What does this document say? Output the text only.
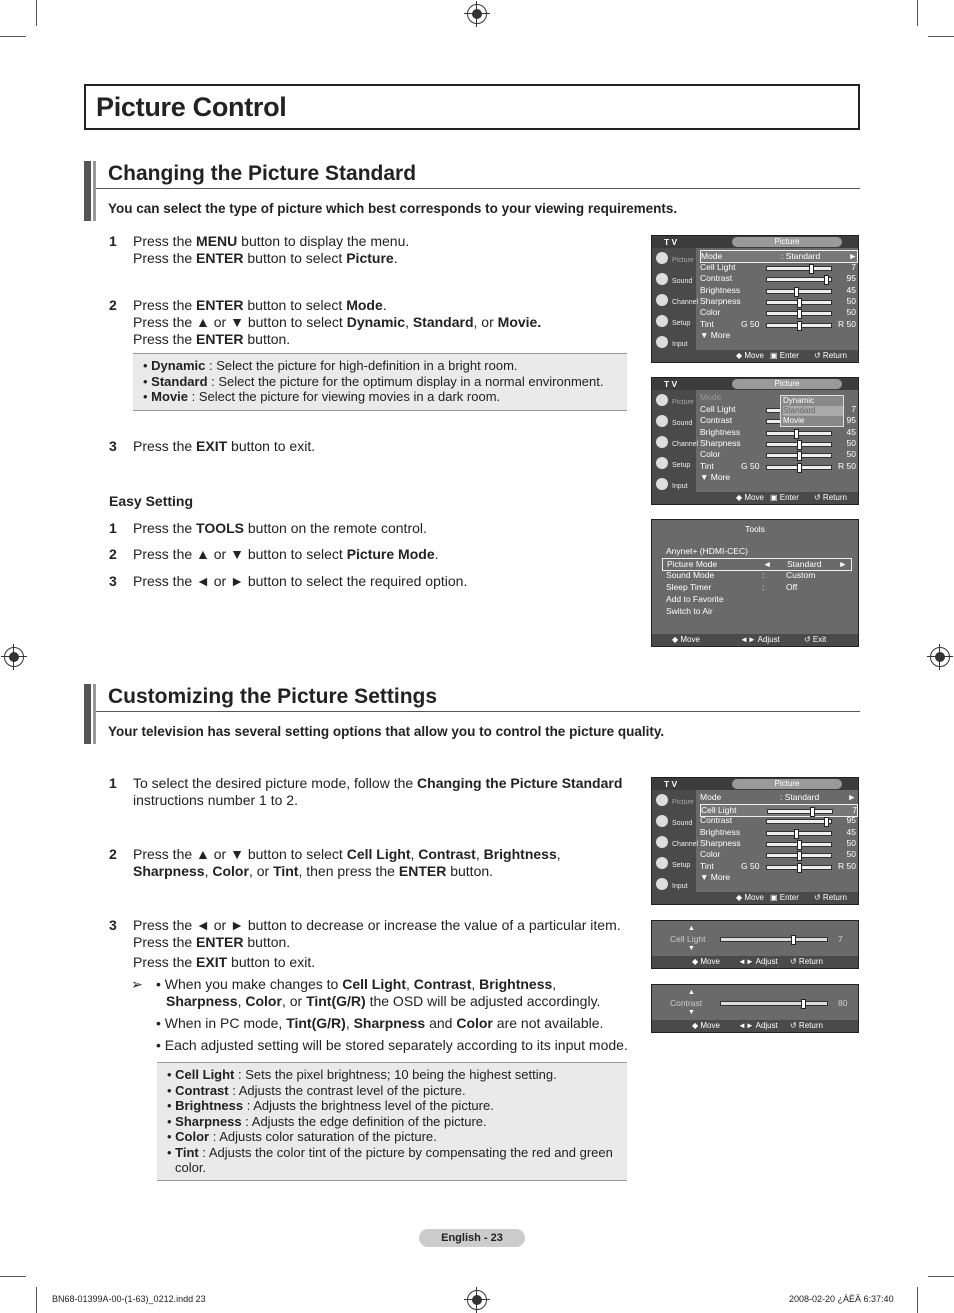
Picture Control
Changing the Picture Standard
You can select the type of picture which best corresponds to your viewing requirements.
1 Press the MENU button to display the menu.
Press the ENTER button to select Picture.
2 Press the ENTER button to select Mode.
Press the ▲ or ▼ button to select Dynamic, Standard, or Movie.
Press the ENTER button.
3 Press the EXIT button to exit.
• Dynamic : Select the picture for high-definition in a bright room.
• Standard : Select the picture for the optimum display in a normal environment.
• Movie : Select the picture for viewing movies in a dark room.
Easy Setting
1 Press the TOOLS button on the remote control.
2 Press the ▲ or ▼ button to select Picture Mode.
3 Press the ◄ or ► button to select the required option.
Customizing the Picture Settings
Your television has several setting options that allow you to control the picture quality.
1 To select the desired picture mode, follow the Changing the Picture Standard
instructions number 1 to 2.
2 Press the ▲ or ▼ button to select Cell Light, Contrast, Brightness,
Sharpness, Color, or Tint, then press the ENTER button.
3 Press the ◄ or ► button to decrease or increase the value of a particular item.
Press the ENTER button.
Press the EXIT button to exit.
➢ • When you make changes to Cell Light, Contrast, Brightness,
Sharpness, Color, or Tint(G/R) the OSD will be adjusted accordingly.
• When in PC mode, Tint(G/R), Sharpness and Color are not available.
• Each adjusted setting will be stored separately according to its input mode.
• Cell Light : Sets the pixel brightness; 10 being the highest setting.
• Contrast : Adjusts the contrast level of the picture.
• Brightness : Adjusts the brightness level of the picture.
• Sharpness : Adjusts the edge definition of the picture.
• Color : Adjusts color saturation of the picture.
• Tint : Adjusts the color tint of the picture by compensating the red and green
color.
T V	Picture
Picture
Sound
Channel
Setup
Input
Mode	: Standard	►
Cell Light	7
Contrast	95
Brightness	45
Sharpness	50
Color	50
Tint	G 50	R 50
▼ More
◆ Move ▣ Enter ↺ Return
T V	Picture
Picture
Sound
Channel
Setup
Input
Mode
Cell Light	7
Contrast	95
Brightness	45
Sharpness	50
Color	50
Tint	G 50	R 50
▼ More
Dynamic
Standard
Movie
◆ Move ▣ Enter ↺ Return
T V	Picture
Picture
Sound
Channel
Setup
Input
Mode	: Standard	►
Cell Light	7
Contrast	95
Brightness	45
Sharpness	50
Color	50
Tint	G 50	R 50
▼ More
◆ Move ▣ Enter ↺ Return
Tools
Anynet+ (HDMI-CEC)
Picture Mode	◄ Standard ►
Sound Mode	:	Custom
Sleep Timer	:	Off
Add to Favorite
Switch to Air
◆ Move	◄► Adjust	↺ Exit
▲
Cell Light
▼
7
◆ Move ◄► Adjust ↺ Return
▲
Contrast
▼
80
◆ Move ◄► Adjust ↺ Return
English - 23
BN68-01399A-00-(1-63)_0212.indd 23	2008-02-20 ¿ÀÈÄ 6:37:40
